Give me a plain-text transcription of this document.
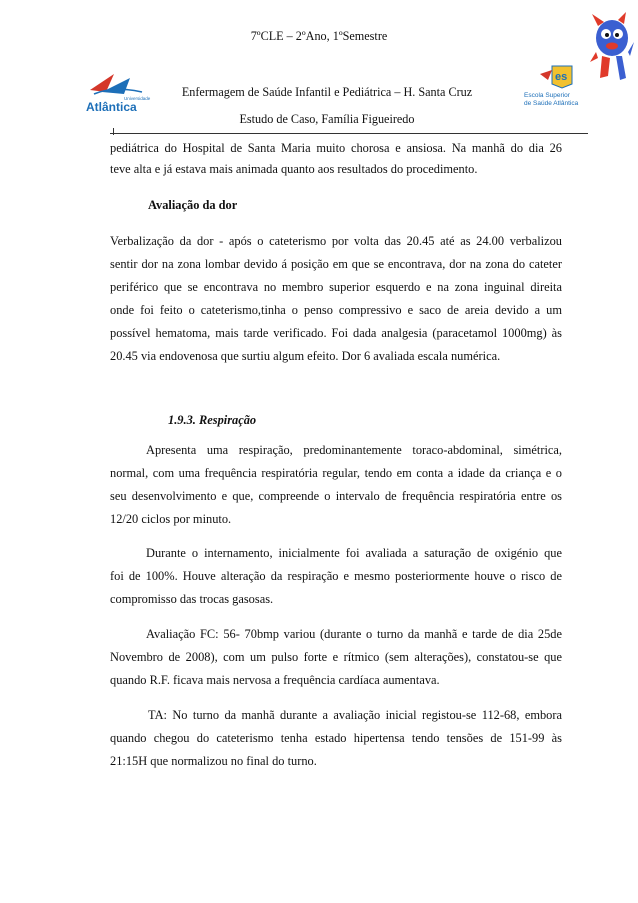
7ºCLE – 2ºAno, 1ºSemestre
Enfermagem de Saúde Infantil e Pediátrica – H. Santa Cruz
Estudo de Caso, Família Figueiredo
Universidade
Atlântica
es
Escola Superior
de Saúde Atlântica
pediátrica do Hospital de Santa Maria muito chorosa e ansiosa. Na manhã do dia 26
teve alta e já estava mais animada quanto aos resultados do procedimento.
Avaliação da dor
Verbalização da dor - após o cateterismo por volta das 20.45 até as 24.00 verbalizou
sentir dor na zona lombar devido á posição em que se encontrava, dor na zona do cateter
periférico que se encontrava no membro superior esquerdo e na zona inguinal direita
onde foi feito o cateterismo,tinha o penso compressivo e saco de areia devido a um
possível hematoma, mais tarde verificado. Foi dada analgesia (paracetamol 1000mg) às
20.45 via endovenosa que surtiu algum efeito. Dor 6 avaliada escala numérica.
1.9.3. Respiração
Apresenta uma respiração, predominantemente toraco-abdominal, simétrica,
normal, com uma frequência respiratória regular, tendo em conta a idade da criança e o
seu desenvolvimento e que, compreende o intervalo de frequência respiratória entre os
12/20 ciclos por minuto.
Durante o internamento, inicialmente foi avaliada a saturação de oxigénio que
foi de 100%. Houve alteração da respiração e mesmo posteriormente houve o risco de
compromisso das trocas gasosas.
Avaliação FC: 56- 70bmp variou (durante o turno da manhã e tarde de dia 25de
Novembro de 2008), com um pulso forte e rítmico (sem alterações), constatou-se que
quando R.F. ficava mais nervosa a frequência cardíaca aumentava.
TA: No turno da manhã durante a avaliação inicial registou-se 112-68, embora
quando chegou do cateterismo tenha estado hipertensa tendo tensões de 151-99 às
21:15H que normalizou no final do turno.
